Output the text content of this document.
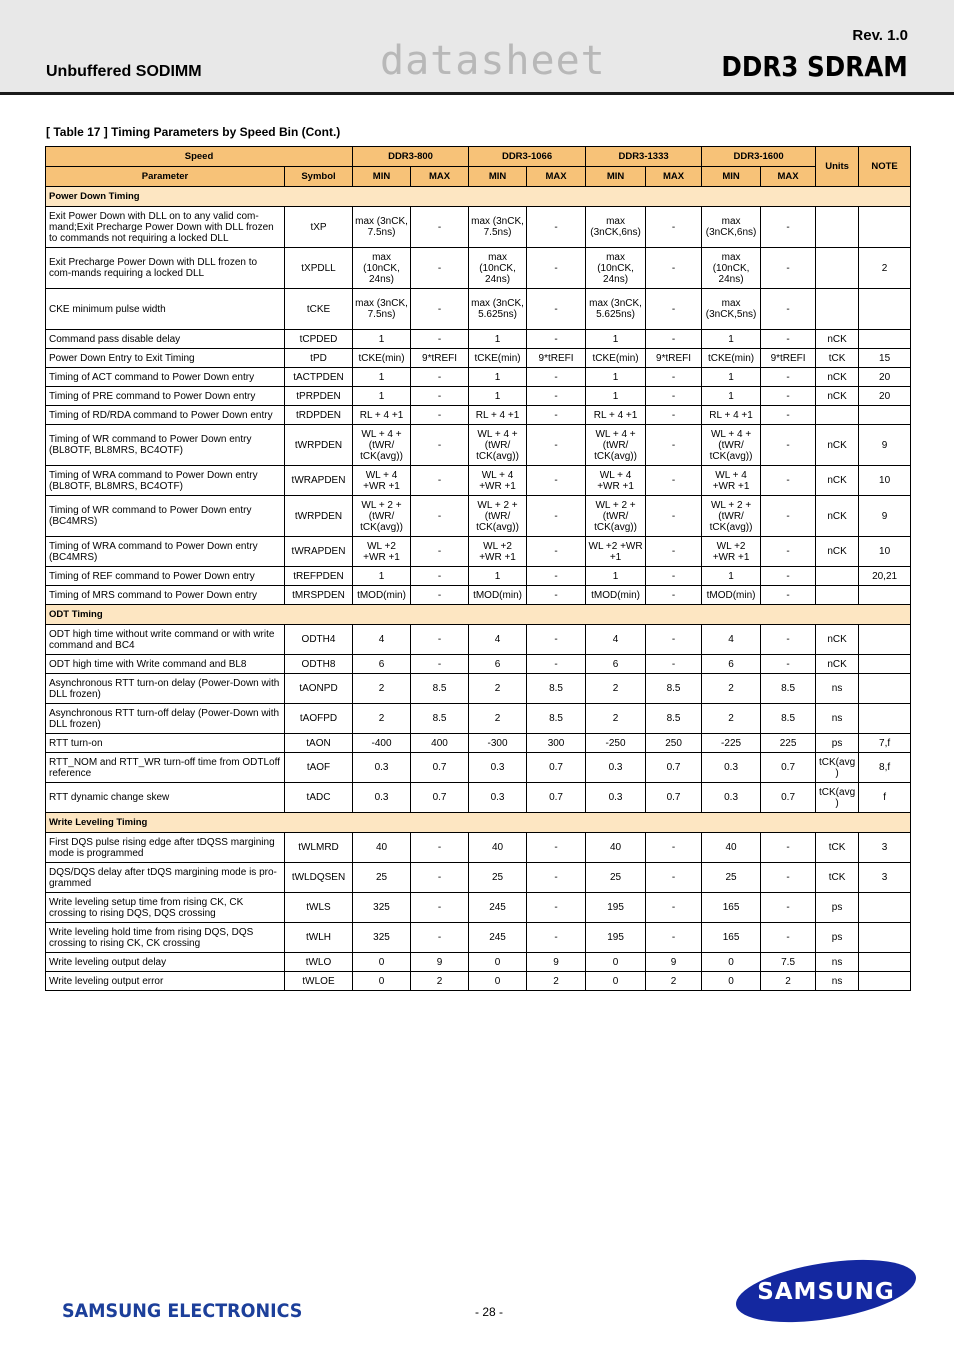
Unbuffered SODIMM	datasheet
Rev. 1.0
DDR3 SDRAM
[ Table 17 ] Timing Parameters by Speed Bin (Cont.)
Speed		DDR3-800		DDR3-1066		DDR3-1333		DDR3-1600		Units	NOTE
Parameter	Symbol	MIN	MAX	MIN	MAX	MIN	MAX	MIN	MAX		
Power Down Timing											
Exit Power Down with DLL on to any valid com-mand;Exit Precharge Power Down with DLL frozen to commands not requiring a locked DLL	tXP	max (3nCK, 7.5ns)	-	max (3nCK, 7.5ns)	-	max (3nCK,6ns)	-	max (3nCK,6ns)	-		
Exit Precharge Power Down with DLL frozen to com-mands requiring a locked DLL	tXPDLL	max (10nCK, 24ns)	-	max (10nCK, 24ns)	-	max (10nCK, 24ns)	-	max (10nCK, 24ns)	-		2
CKE minimum pulse width	tCKE	max (3nCK, 7.5ns)	-	max (3nCK, 5.625ns)	-	max (3nCK, 5.625ns)	-	max (3nCK,5ns)	-		
Command pass disable delay	tCPDED	1	-	1	-	1	-	1	-	nCK	
Power Down Entry to Exit Timing	tPD	tCKE(min)	9*tREFI	tCKE(min)	9*tREFI	tCKE(min)	9*tREFI	tCKE(min)	9*tREFI	tCK	15
Timing of ACT command to Power Down entry	tACTPDEN	1	-	1	-	1	-	1	-	nCK	20
Timing of PRE command to Power Down entry	tPRPDEN	1	-	1	-	1	-	1	-	nCK	20
Timing of RD/RDA command to Power Down entry	tRDPDEN	RL + 4 +1	-	RL + 4 +1	-	RL + 4 +1	-	RL + 4 +1	-		
Timing of WR command to Power Down entry (BL8OTF, BL8MRS, BC4OTF)	tWRPDEN	WL + 4 +(tWR/ tCK(avg))	-	WL + 4 +(tWR/ tCK(avg))	-	WL + 4 +(tWR/ tCK(avg))	-	WL + 4 +(tWR/ tCK(avg))	-	nCK	9
Timing of WRA command to Power Down entry (BL8OTF, BL8MRS, BC4OTF)	tWRAPDEN	WL + 4 +WR +1	-	WL + 4 +WR +1	-	WL + 4 +WR +1	-	WL + 4 +WR +1	-	nCK	10
Timing of WR command to Power Down entry (BC4MRS)	tWRPDEN	WL + 2 +(tWR/ tCK(avg))	-	WL + 2 +(tWR/ tCK(avg))	-	WL + 2 +(tWR/ tCK(avg))	-	WL + 2 +(tWR/ tCK(avg))	-	nCK	9
Timing of WRA command to Power Down entry (BC4MRS)	tWRAPDEN	WL +2 +WR +1	-	WL +2 +WR +1	-	WL +2 +WR +1	-	WL +2 +WR +1	-	nCK	10
Timing of REF command to Power Down entry	tREFPDEN	1	-	1	-	1	-	1	-		20,21
Timing of MRS command to Power Down entry	tMRSPDEN	tMOD(min)	-	tMOD(min)	-	tMOD(min)	-	tMOD(min)	-		
ODT Timing											
ODT high time without write command or with write command and BC4	ODTH4	4	-	4	-	4	-	4	-	nCK	
ODT high time with Write command and BL8	ODTH8	6	-	6	-	6	-	6	-	nCK	
Asynchronous RTT turn-on delay (Power-Down with DLL frozen)	tAONPD	2	8.5	2	8.5	2	8.5	2	8.5	ns	
Asynchronous RTT turn-off delay (Power-Down with DLL frozen)	tAOFPD	2	8.5	2	8.5	2	8.5	2	8.5	ns	
RTT turn-on	tAON	-400	400	-300	300	-250	250	-225	225	ps	7,f
RTT_NOM and RTT_WR turn-off time from ODTLoff reference	tAOF	0.3	0.7	0.3	0.7	0.3	0.7	0.3	0.7	tCK(avg )	8,f
RTT dynamic change skew	tADC	0.3	0.7	0.3	0.7	0.3	0.7	0.3	0.7	tCK(avg )	f
Write Leveling Timing											
First DQS pulse rising edge after tDQSS margining mode is programmed	tWLMRD	40	-	40	-	40	-	40	-	tCK	3
DQS/DQS delay after tDQS margining mode is pro-grammed	tWLDQSEN	25	-	25	-	25	-	25	-	tCK	3
Write leveling setup time from rising CK, CK crossing to rising DQS, DQS crossing	tWLS	325	-	245	-	195	-	165	-	ps	
Write leveling hold time from rising DQS, DQS crossing to rising CK, CK crossing	tWLH	325	-	245	-	195	-	165	-	ps	
Write leveling output delay	tWLO	0	9	0	9	0	9	0	7.5	ns	
Write leveling output error	tWLOE	0	2	0	2	0	2	0	2	ns	
SAMSUNG ELECTRONICS	- 28 -
SAMSUNG
